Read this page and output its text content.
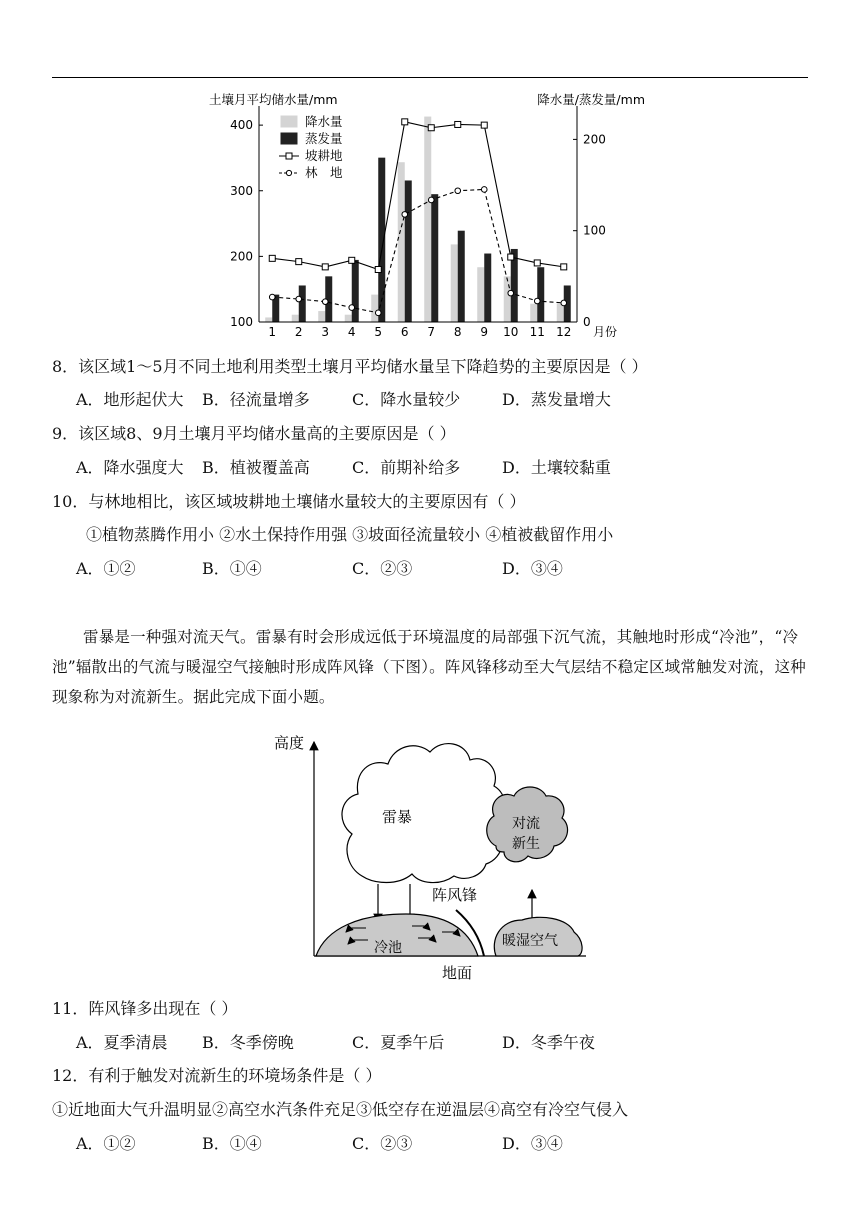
土壤月平均储水量/mm	降水量/蒸发量/mm
100
200
300
400
0
100
200
1 2 3 4 5 6 7 8 9 10 11 12 月份
降水量
蒸发量
坡耕地
林　地
8．该区域1～5月不同土地利用类型土壤月平均储水量呈下降趋势的主要原因是（ ）
A．地形起伏大 B．径流量增多	C．降水量较少	D．蒸发量增大
9．该区域8、9月土壤月平均储水量高的主要原因是（ ）
A．降水强度大 B．植被覆盖高	C．前期补给多	D．土壤较黏重
10．与林地相比，该区域坡耕地土壤储水量较大的主要原因有（ ）
①植物蒸腾作用小 ②水土保持作用强 ③坡面径流量较小 ④植被截留作用小
A．①②	B．①④	C．②③	D．③④
雷暴是一种强对流天气。雷暴有时会形成远低于环境温度的局部强下沉气流，其触地时形成“冷池”，“冷池”辐散出的气流与暖湿空气接触时形成阵风锋（下图）。阵风锋移动至大气层结不稳定区域常触发对流，这种现象称为对流新生。据此完成下面小题。
高度
地面
雷暴
冷池
阵风锋
暖湿空气
对流
新生
11．阵风锋多出现在（ ）
A．夏季清晨 B．冬季傍晚	C．夏季午后	D．冬季午夜
12．有利于触发对流新生的环境场条件是（ ）
①近地面大气升温明显②高空水汽条件充足③低空存在逆温层④高空有冷空气侵入
A．①②	B．①④	C．②③	D．③④
